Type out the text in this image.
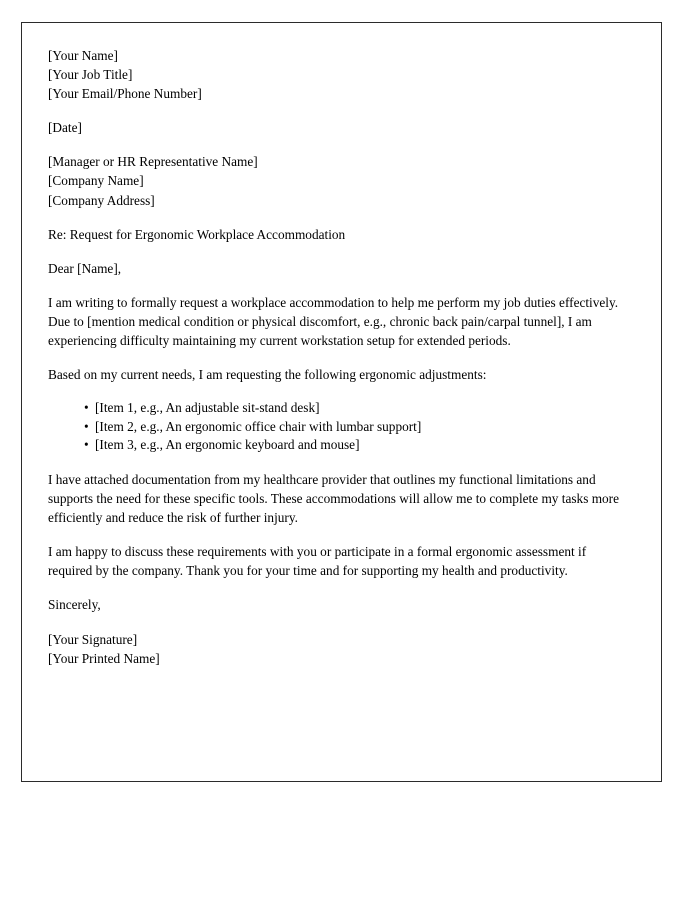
[Your Name]
[Your Job Title]
[Your Email/Phone Number]
[Date]
[Manager or HR Representative Name]
[Company Name]
[Company Address]

Re: Request for Ergonomic Workplace Accommodation

Dear [Name],

I am writing to formally request a workplace accommodation to help me perform my job duties effectively. Due to [mention medical condition or physical discomfort, e.g., chronic back pain/carpal tunnel], I am experiencing difficulty maintaining my current workstation setup for extended periods.

Based on my current needs, I am requesting the following ergonomic adjustments:

• [Item 1, e.g., An adjustable sit-stand desk]
• [Item 2, e.g., An ergonomic office chair with lumbar support]
• [Item 3, e.g., An ergonomic keyboard and mouse]

I have attached documentation from my healthcare provider that outlines my functional limitations and supports the need for these specific tools. These accommodations will allow me to complete my tasks more efficiently and reduce the risk of further injury.

I am happy to discuss these requirements with you or participate in a formal ergonomic assessment if required by the company. Thank you for your time and for supporting my health and productivity.

Sincerely,

[Your Signature]
[Your Printed Name]
